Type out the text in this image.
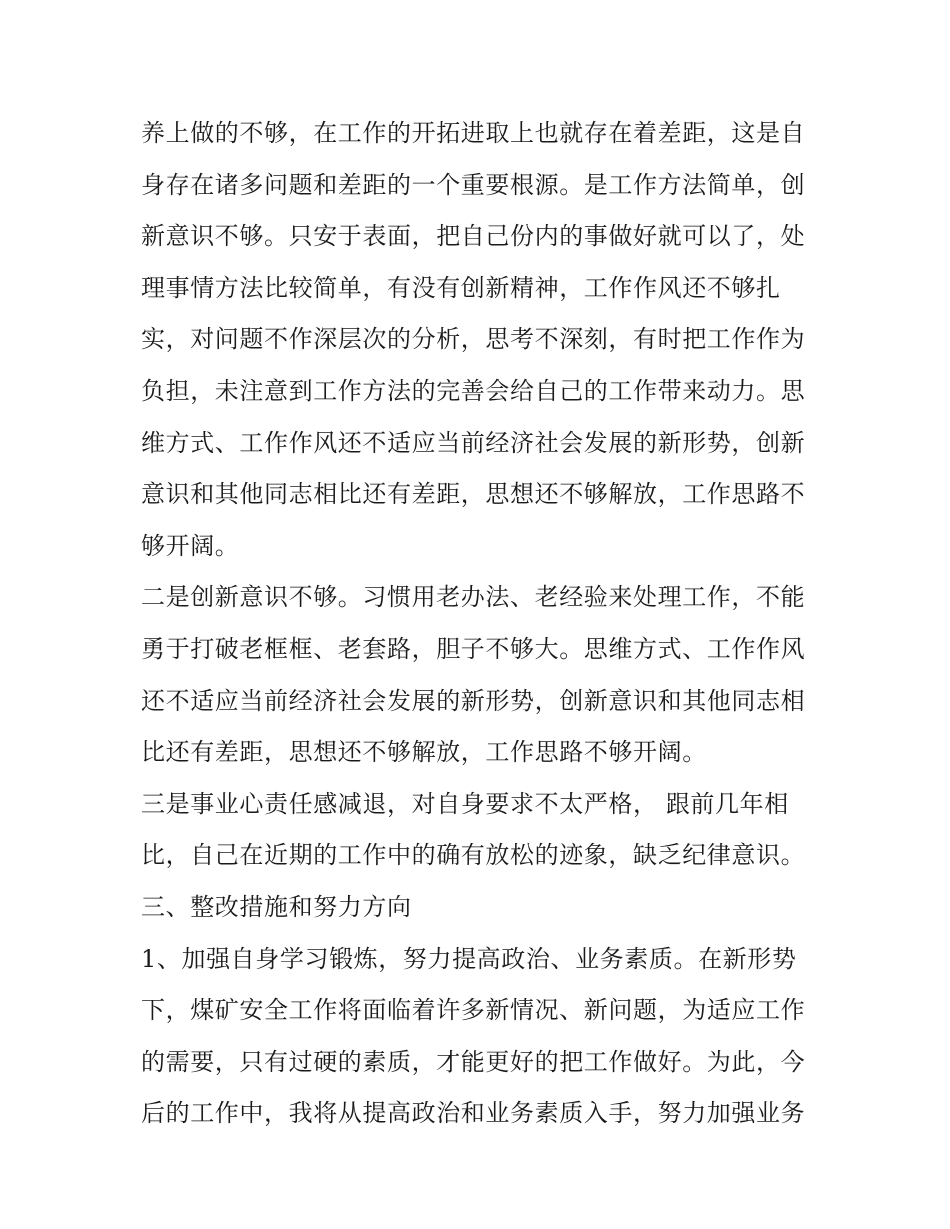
养上做的不够，在工作的开拓进取上也就存在着差距，这是自
身存在诸多问题和差距的一个重要根源。是工作方法简单，创
新意识不够。只安于表面，把自己份内的事做好就可以了，处
理事情方法比较简单，有没有创新精神，工作作风还不够扎
实，对问题不作深层次的分析，思考不深刻，有时把工作作为
负担，未注意到工作方法的完善会给自己的工作带来动力。思
维方式、工作作风还不适应当前经济社会发展的新形势，创新
意识和其他同志相比还有差距，思想还不够解放，工作思路不
够开阔。
二是创新意识不够。习惯用老办法、老经验来处理工作，不能
勇于打破老框框、老套路，胆子不够大。思维方式、工作作风
还不适应当前经济社会发展的新形势，创新意识和其他同志相
比还有差距，思想还不够解放，工作思路不够开阔。
三是事业心责任感减退，对自身要求不太严格， 跟前几年相
比，自己在近期的工作中的确有放松的迹象，缺乏纪律意识。
三、整改措施和努力方向
1、加强自身学习锻炼，努力提高政治、业务素质。在新形势
下，煤矿安全工作将面临着许多新情况、新问题，为适应工作
的需要，只有过硬的素质，才能更好的把工作做好。为此，今
后的工作中，我将从提高政治和业务素质入手，努力加强业务
